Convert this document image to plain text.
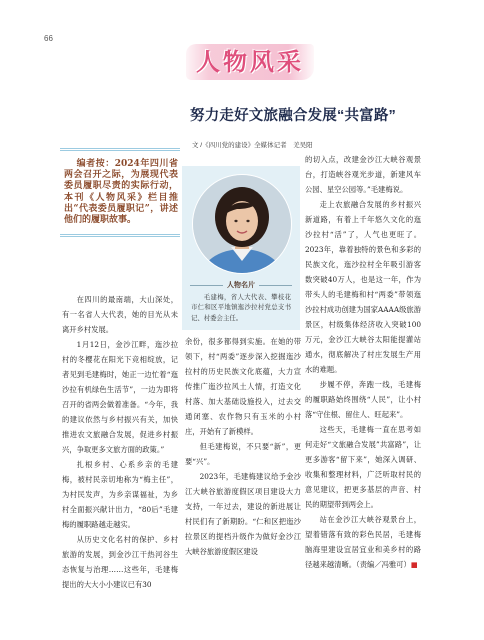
66
人物风采
努力走好文旅融合发展“共富路”
文 /《四川党的建设》全媒体记者　羌吴阳

编者按：2024年四川省两会召开之际，为展现代表委员履职尽责的实际行动，本刊《人物风采》栏目推出“代表委员履职记”，讲述他们的履职故事。

人物名片

毛建梅，省人大代表、攀枝花市仁和区平地镇迤沙拉村党总支书记、村委会主任。

在四川的最南端，大山深处，有一名省人大代表，她的目光从未离开乡村发展。

1月12日，金沙江畔，迤沙拉村的冬樱花在阳光下竞相绽放，记者见到毛建梅时，她正一边忙着“迤沙拉有机绿色生活节”，一边为即将召开的省两会做着准备。“今年，我的建议依然与乡村振兴有关，加快推进农文旅融合发展，促进乡村振兴，争取更多文旅方面的政策。”

扎根乡村、心系乡亲的毛建梅，被村民亲切地称为“梅主任”，为村民发声，为乡亲谋福祉，为乡村全面振兴献计出力，“80后”毛建梅的履职路越走越实。

从历史文化名村的保护、乡村旅游的发展，到金沙江干热河谷生态恢复与治理……这些年，毛建梅提出的大大小小建议已有30

余份，很多都得到实施。在她的带领下，村“两委”逐步深入挖掘迤沙拉村的历史民族文化底蕴，大力宣传推广迤沙拉风土人情，打造文化村落、加大基础设施投入，过去交通闭塞、农作物只有玉米的小村庄，开始有了新模样。

但毛建梅说，不只要“新”，更要“兴”。

2023年，毛建梅建议给予金沙江大峡谷旅游度假区项目建设大力支持，一年过去，建设的新进展让村民们有了新期盼。“仁和区把迤沙拉景区的提档升级作为做好金沙江大峡谷旅游度假区建设

的切入点，改建金沙江大峡谷观景台，打造峡谷观光步道，新建风车公园、星空公园等。”毛建梅说。

走上农旅融合发展的乡村振兴新道路，有着上千年悠久文化的迤沙拉村“活”了，人气也更旺了。2023年，靠着独特的景色和多彩的民族文化，迤沙拉村全年吸引游客数突破40万人，也是这一年，作为带头人的毛建梅和村“两委”带领迤沙拉村成功创建为国家AAAA级旅游景区，村级集体经济收入突破100万元，金沙江大峡谷太阳能提灌站通水，彻底解决了村庄发展生产用水的难题。

步履不停，奔跑一线，毛建梅的履职路始终围绕“人民”，让小村落“守住根、留住人、旺起来”。

这些天，毛建梅一直在思考如何走好“文旅融合发展”共富路”，让更多游客“留下来”，她深入调研、收集和整理材料，广泛听取村民的意见建议，把更多基层的声音、村民的期望带到两会上。

站在金沙江大峡谷观景台上，望着错落有致的彩色民居，毛建梅脑海里建设宜居宜业和美乡村的路径越来越清晰。（责编／冯雅可）■
